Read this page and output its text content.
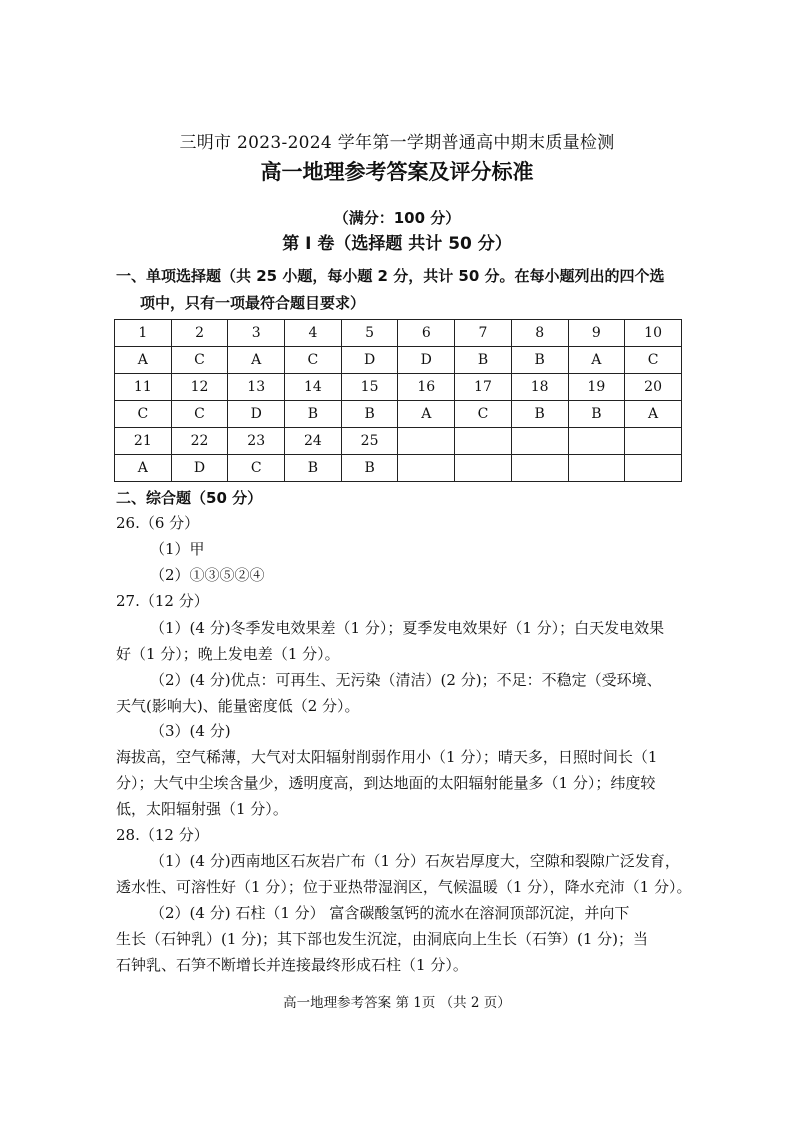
三明市 2023-2024 学年第一学期普通高中期末质量检测
高一地理参考答案及评分标准
（满分：100 分）
第 I 卷（选择题 共计 50 分）
一、单项选择题（共 25 小题，每小题 2 分，共计 50 分。在每小题列出的四个选
项中，只有一项最符合题目要求）
1	2	3	4	5	6	7	8	9	10
A	C	A	C	D	D	B	B	A	C
11	12	13	14	15	16	17	18	19	20
C	C	D	B	B	A	C	B	B	A
21	22	23	24	25					
A	D	C	B	B					
二、综合题（50 分）
26.（6 分）
（1）甲
（2）①③⑤②④
27.（12 分）
（1）(4 分)冬季发电效果差（1 分）；夏季发电效果好（1 分）；白天发电效果
好（1 分）；晚上发电差（1 分）。
（2）(4 分)优点：可再生、无污染（清洁）(2 分)；不足：不稳定（受环境、
天气(影响大)、能量密度低（2 分）。
（3）(4 分)
海拔高，空气稀薄，大气对太阳辐射削弱作用小（1 分）；晴天多，日照时间长（1
分）；大气中尘埃含量少，透明度高，到达地面的太阳辐射能量多（1 分）；纬度较
低，太阳辐射强（1 分）。
28.（12 分）
（1）(4 分)西南地区石灰岩广布（1 分）石灰岩厚度大，空隙和裂隙广泛发育，
透水性、可溶性好（1 分）；位于亚热带湿润区，气候温暖（1 分），降水充沛（1 分）。
（2）(4 分) 石柱（1 分） 富含碳酸氢钙的流水在溶洞顶部沉淀，并向下
生长（石钟乳）(1 分)；其下部也发生沉淀，由洞底向上生长（石笋）(1 分)；当
石钟乳、石笋不断增长并连接最终形成石柱（1 分）。
高一地理参考答案 第 1页 （共 2 页）
